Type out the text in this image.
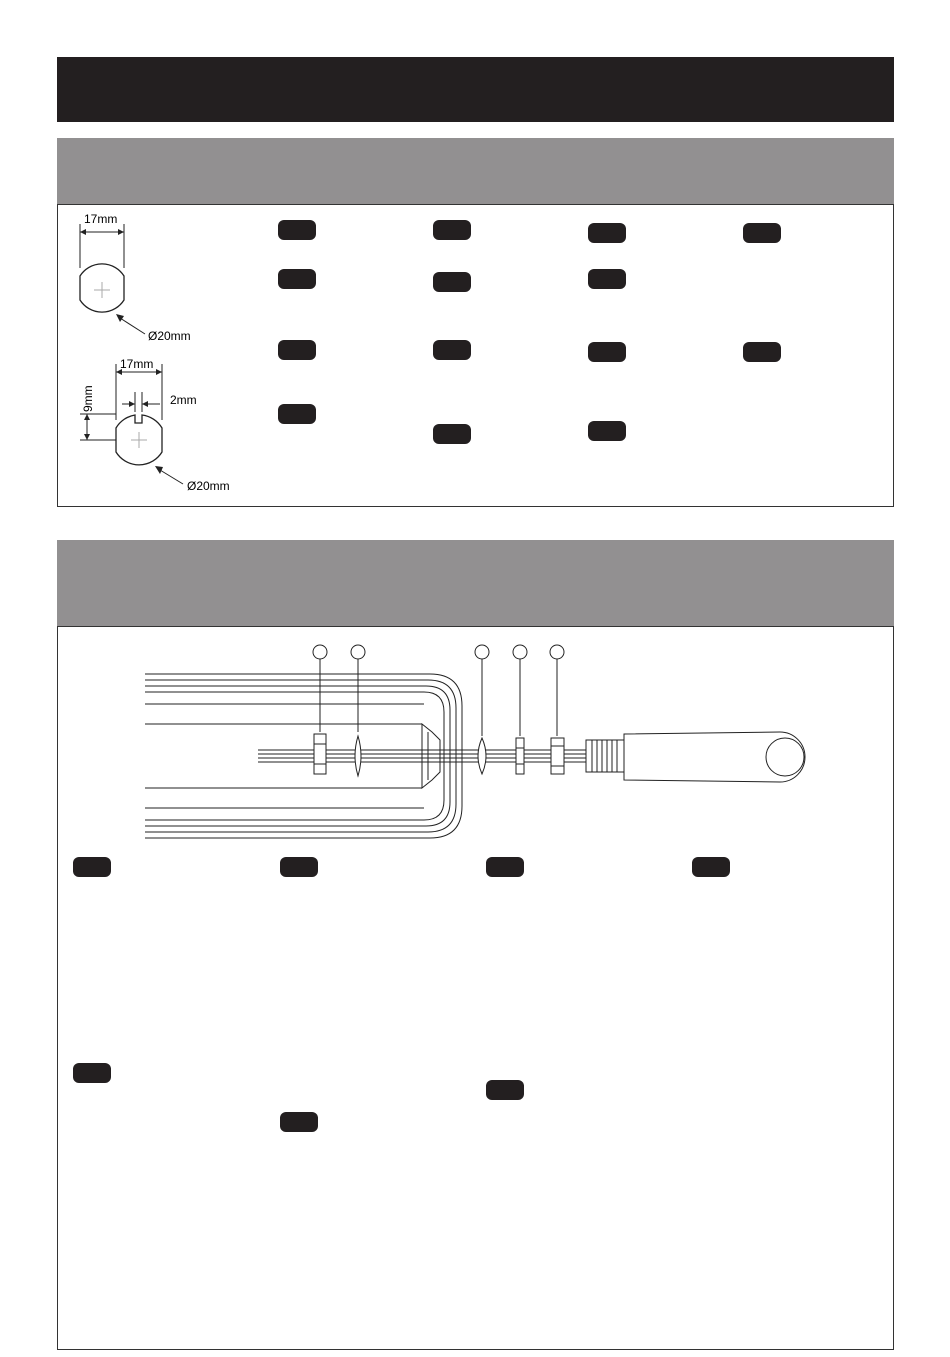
17mm
Ø20mm
17mm
2mm
9mm
Ø20mm
